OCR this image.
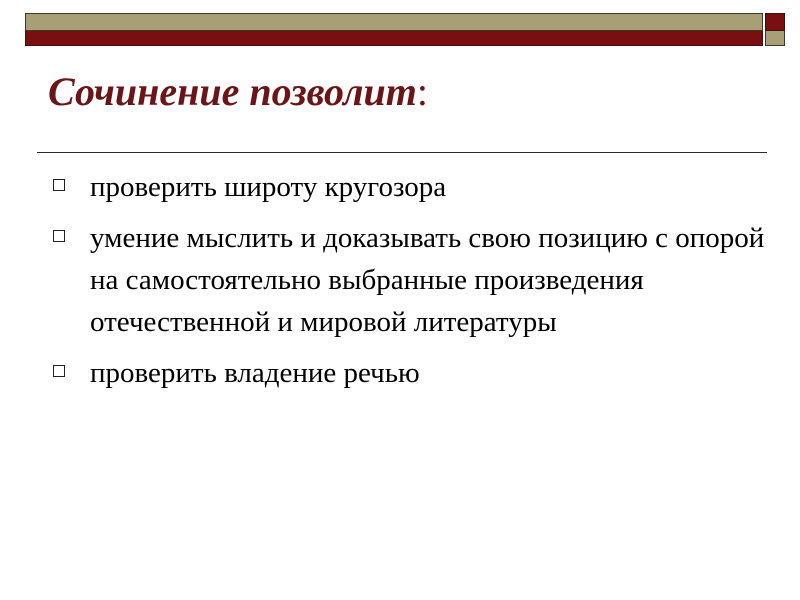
Сочинение позволит:
проверить широту кругозора
умение мыслить и доказывать свою позицию с опорой на самостоятельно выбранные произведения отечественной и мировой литературы
проверить владение речью
